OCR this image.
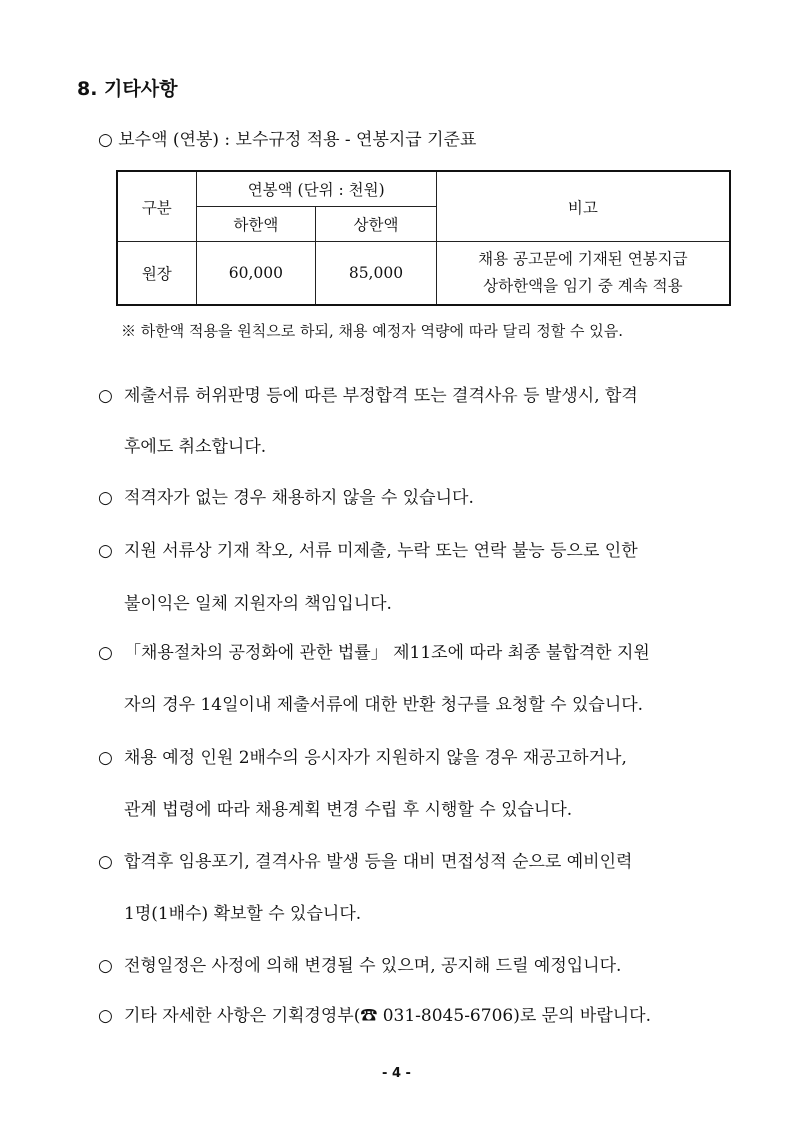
8. 기타사항
○ 보수액 (연봉) : 보수규정 적용 - 연봉지급 기준표
구분	연봉액 (단위 : 천원)		비고
	하한액	상한액	
원장	60,000	85,000	채용 공고문에 기재된 연봉지급
상하한액을 임기 중 계속 적용
※ 하한액 적용을 원칙으로 하되, 채용 예정자 역량에 따라 달리 정할 수 있음.
○ 제출서류 허위판명 등에 따른 부정합격 또는 결격사유 등 발생시, 합격
후에도 취소합니다.
○ 적격자가 없는 경우 채용하지 않을 수 있습니다.
○ 지원 서류상 기재 착오, 서류 미제출, 누락 또는 연락 불능 등으로 인한
불이익은 일체 지원자의 책임입니다.
○ 「채용절차의 공정화에 관한 법률」 제11조에 따라 최종 불합격한 지원
자의 경우 14일이내 제출서류에 대한 반환 청구를 요청할 수 있습니다.
○ 채용 예정 인원 2배수의 응시자가 지원하지 않을 경우 재공고하거나,
관계 법령에 따라 채용계획 변경 수립 후 시행할 수 있습니다.
○ 합격후 임용포기, 결격사유 발생 등을 대비 면접성적 순으로 예비인력
1명(1배수) 확보할 수 있습니다.
○ 전형일정은 사정에 의해 변경될 수 있으며, 공지해 드릴 예정입니다.
○ 기타 자세한 사항은 기획경영부(☎ 031-8045-6706)로 문의 바랍니다.
- 4 -
